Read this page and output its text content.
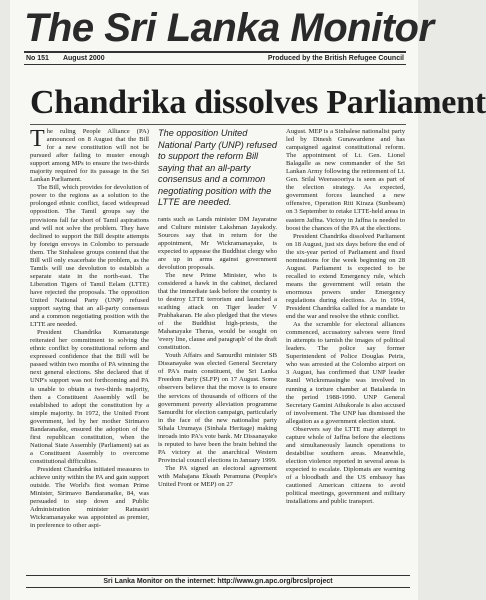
The Sri Lanka Monitor
No 151 August 2000	Produced by the British Refugee Council
Chandrika dissolves Parliament

The ruling People Alliance (PA) announced on 8 August that the Bill for a new constitution will not be pursued after failing to muster enough support among MPs to ensure the two-thirds majority required for its passage in the Sri Lankan Parliament.

The Bill, which provides for devolution of power to the regions as a solution to the prolonged ethnic conflict, faced widespread opposition. The Tamil groups say the provisions fall far short of Tamil aspirations and will not solve the problem. They have declined to support the Bill despite attempts by foreign envoys in Colombo to persuade them. The Sinhalese groups contend that the Bill will only exacerbate the problem, as the Tamils will use devolution to establish a separate state in the north-east. The Liberation Tigers of Tamil Eelam (LTTE) have rejected the proposals. The opposition United National Party (UNP) refused support saying that an all-party consensus and a common negotiating position with the LTTE are needed.

President Chandrika Kumaratunge reiterated her commitment to solving the ethnic conflict by constitutional reform and expressed confidence that the Bill will be passed within two months of PA winning the next general elections. She declared that if UNP's support was not forthcoming and PA is unable to obtain a two-thirds majority, then a Constituent Assembly will be established to adopt the constitution by a simple majority. In 1972, the United Front government, led by her mother Sirimavo Bandaranaike, ensured the adoption of the first republican constitution, when the National State Assembly (Parliament) sat as a Constituent Assembly to overcome constitutional difficulties.

President Chandrika initiated measures to achieve unity within the PA and gain support outside. The World's first woman Prime Minister, Sirimavo Bandaranaike, 84, was persuaded to step down and Public Administration minister Ratnasiri Wickramanayake was appointed as premier, in preference to other aspi-

The opposition United National Party (UNP) refused to support the reform Bill saying that an all-party consensus and a common negotiating position with the LTTE are needed.

rants such as Lands minister DM Jayaratne and Culture minister Lakshman Jayakody. Sources say that in return for the appointment, Mr Wickramanayake, is expected to appease the Buddhist clergy who are up in arms against government devolution proposals.

The new Prime Minister, who is considered a hawk in the cabinet, declared that the immediate task before the country is to destroy LTTE terrorism and launched a scathing attack on Tiger leader V Prabhakaran. He also pledged that the views of the Buddhist high-priests, the Mahanayake Theras, would be sought on 'every line, clause and paragraph' of the draft constitution.

Youth Affairs and Samurdhi minister SB Dissanayake was elected General Secretary of PA's main constituent, the Sri Lanka Freedom Party (SLFP) on 17 August. Some observers believe that the move is to ensure the services of thousands of officers of the government poverty alleviation programme Samurdhi for election campaign, particularly in the face of the new nationalist party Sihala Urumaya (Sinhala Heritage) making inroads into PA's vote bank. Mr Dissanayake is reputed to have been the brain behind the PA victory at the anarchical Western Provincial council elections in January 1999.

The PA signed an electoral agreement with Mahajana Eksath Peramuna (People's United Front or MEP) on 27

August. MEP is a Sinhalese nationalist party led by Dinesh Gunawardene and has campaigned against constitutional reform. The appointment of Lt. Gen. Lionel Balagalle as new commander of the Sri Lankan Army following the retirement of Lt. Gen. Srilal Weerasooriya is seen as part of the election strategy. As expected, government forces launched a new offensive, Operation Riti Kiraza (Sunbeam) on 3 September to retake LTTE-held areas in eastern Jaffna. Victory in Jaffna is needed to boost the chances of the PA at the elections.

President Chandrika dissolved Parliament on 18 August, just six days before the end of the six-year period of Parliament and fixed nominations for the week beginning on 28 August. Parliament is expected to be recalled to extend Emergency rule, which means the government will retain the enormous powers under Emergency regulations during elections. As in 1994, President Chandrika called for a mandate to end the war and resolve the ethnic conflict.

As the scramble for electoral alliances commenced, accusatory salvoes were fired in attempts to tarnish the images of political leaders. The police say former Superintendent of Police Douglas Peiris, who was arrested at the Colombo airport on 3 August, has confirmed that UNP leader Ranil Wickremasinghe was involved in running a torture chamber at Batalanda in the period 1988-1990. UNP General Secretary Gamini Athukorale is also accused of involvement. The UNP has dismissed the allegation as a government election stunt.

Observers say the LTTE may attempt to capture whole of Jaffna before the elections and simultaneously launch operations to destabilise southern areas. Meanwhile, election violence reported in several areas is expected to escalate. Diplomats are warning of a bloodbath and the US embassy has cautioned American citizens to avoid political meetings, government and military installations and public transport.

Sri Lanka Monitor on the internet: http://www.gn.apc.org/brcslproject
